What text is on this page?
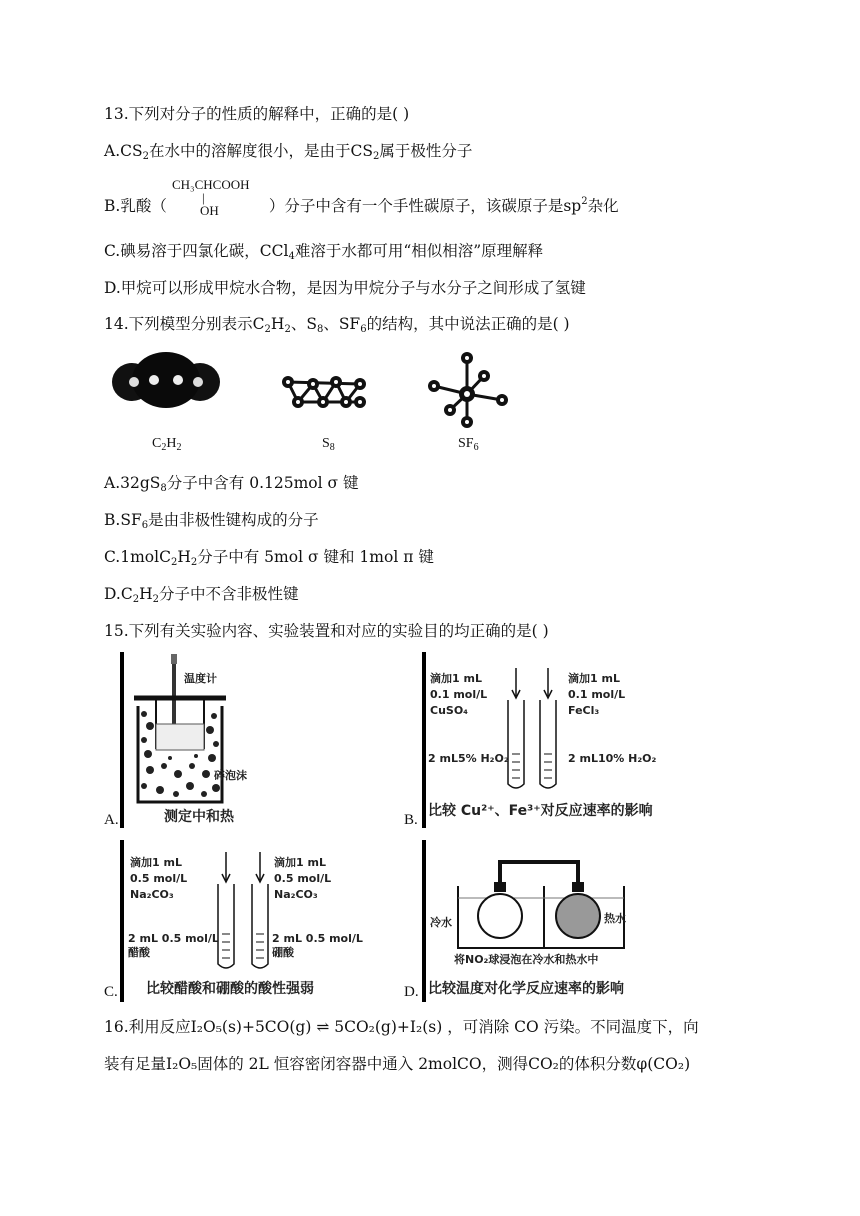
13.下列对分子的性质的解释中，正确的是( )
$A.CS_2$在水中的溶解度很小，是由于$CS_2$属于极性分子
B.乳酸（	）分子中含有一个手性碳原子，该碳原子是$sp^2$杂化
CH₃CHCOOH
|
OH
C.碘易溶于四氯化碳，CCl$_4$难溶于水都可用“相似相溶”原理解释
D.甲烷可以形成甲烷水合物，是因为甲烷分子与水分子之间形成了氢键
14.下列模型分别表示$C_2H_2$、$S_8$、$SF_6$的结构，其中说法正确的是( )
$C_2H_2$	$S_8$	$SF_6$
$A.32gS_8$分子中含有 0.125mol σ 键
$B.SF_6$是由非极性键构成的分子
$C.1molC_2H_2$分子中有 5mol σ 键和 1mol π 键
$D.C_2H_2$分子中不含非极性键
15.下列有关实验内容、实验装置和对应的实验目的均正确的是( )
A.
温度计
碎泡沫
测定中和热	B.
滴加1 mL
0.1 mol/L
CuSO₄
滴加1 mL
0.1 mol/L
FeCl₃
2 mL5% H₂O₂	2 mL10% H₂O₂
比较 Cu²⁺、Fe³⁺对反应速率的影响
C.
滴加1 mL
0.5 mol/L
Na₂CO₃
滴加1 mL
0.5 mol/L
Na₂CO₃
2 mL 0.5 mol/L
醋酸
2 mL 0.5 mol/L
硼酸
比较醋酸和硼酸的酸性强弱	D.
冷水	热水
将NO₂球浸泡在冷水和热水中
比较温度对化学反应速率的影响
16.利用反应I₂O₅(s)+5CO(g) ⇌ 5CO₂(g)+I₂(s) ，可消除 CO 污染。不同温度下，向
装有足量I₂O₅固体的 2L 恒容密闭容器中通入 2molCO，测得CO₂的体积分数φ(CO₂)
